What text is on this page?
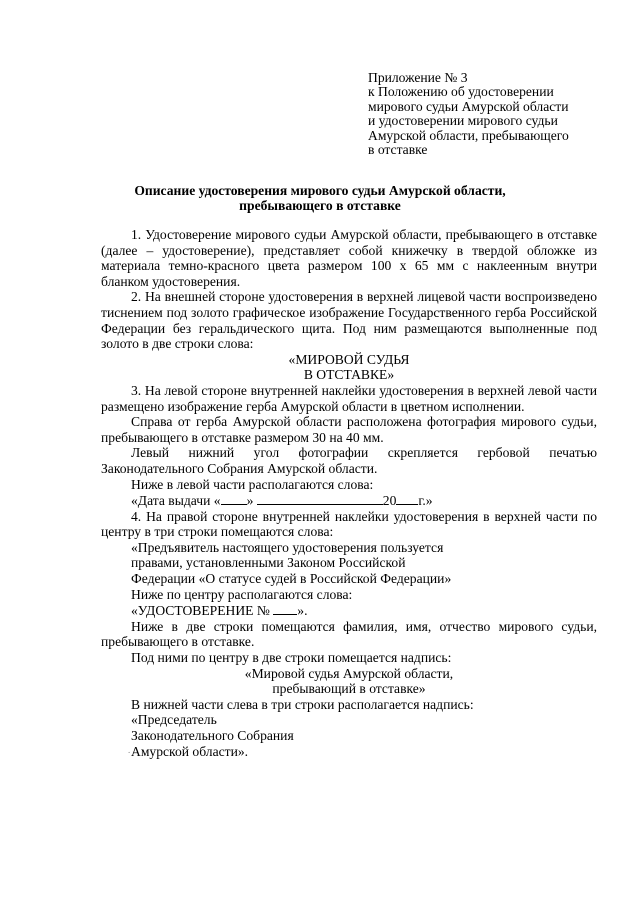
Приложение № 3
к Положению об удостоверении
мирового судьи Амурской области
и удостоверении мирового судьи
Амурской области, пребывающего
в отставке
Описание удостоверения мирового судьи Амурской области,
пребывающего в отставке

1. Удостоверение мирового судьи Амурской области, пребывающего в отставке (далее – удостоверение), представляет собой книжечку в твердой обложке из материала темно-красного цвета размером 100 х 65 мм с наклеенным внутри бланком удостоверения.

2. На внешней стороне удостоверения в верхней лицевой части воспроизведено тиснением под золото графическое изображение Государственного герба Российской Федерации без геральдического щита. Под ним размещаются выполненные под золото в две строки слова:

«МИРОВОЙ СУДЬЯ

В ОТСТАВКЕ»

3. На левой стороне внутренней наклейки удостоверения в верхней левой части размещено изображение герба Амурской области в цветном исполнении.

Справа от герба Амурской области расположена фотография мирового судьи, пребывающего в отставке размером 30 на 40 мм.

Левый нижний угол фотографии скрепляется гербовой печатью Законодательного Собрания Амурской области.

Ниже в левой части располагаются слова:

«Дата выдачи « »	20 г.»

4. На правой стороне внутренней наклейки удостоверения в верхней части по центру в три строки помещаются слова:

«Предъявитель настоящего удостоверения пользуется

правами, установленными Законом Российской

Федерации «О статусе судей в Российской Федерации»

Ниже по центру располагаются слова:

«УДОСТОВЕРЕНИЕ № ».

Ниже в две строки помещаются фамилия, имя, отчество мирового судьи, пребывающего в отставке.

Под ними по центру в две строки помещается надпись:

«Мировой судья Амурской области,

пребывающий в отставке»

В нижней части слева в три строки располагается надпись:

«Председатель

Законодательного Собрания

Амурской области».

.
